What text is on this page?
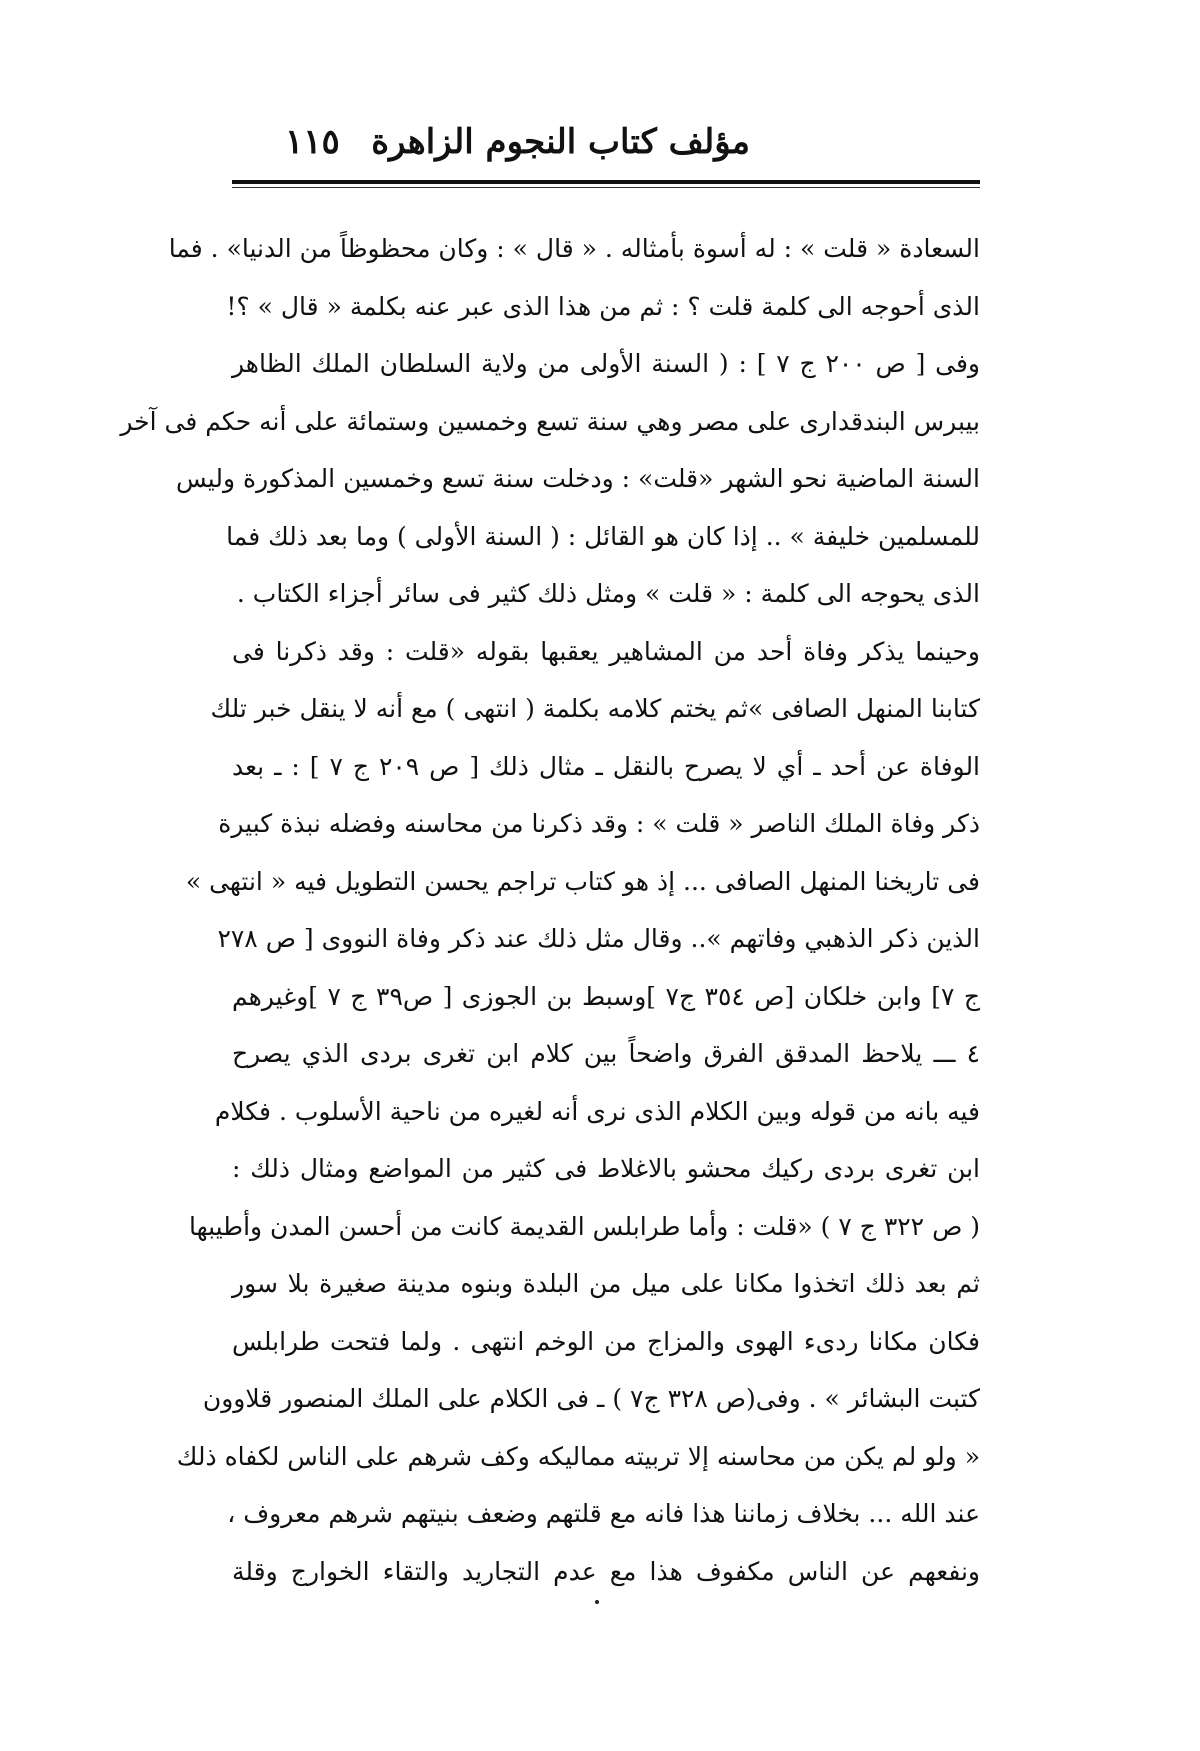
مؤلف كتاب النجوم الزاهرة
١١٥
السعادة « قلت » : له أسوة بأمثاله . « قال » : وكان محظوظاً من الدنيا»‌ . فما
الذى أحوجه الى كلمة قلت ؟ : ثم من هذا الذى عبر عنه بكلمة « قال » ؟!
وفى [ ص ٢٠٠ ج ٧ ] : ( السنة الأولى من ولاية السلطان الملك الظاهر
بيبرس البندقدارى على مصر وهي سنة تسع وخمسين وستمائة على أنه حكم فى آخر
السنة الماضية نحو الشهر «قلت» : ودخلت سنة تسع وخمسين المذكورة وليس
للمسلمين خليفة » .. إذا كان هو القائل : ( السنة الأولى ) وما بعد ذلك فما
الذى يحوجه الى كلمة : « قلت » ومثل ذلك كثير فى سائر أجزاء الكتاب .
وحينما يذكر وفاة أحد من المشاهير يعقبها بقوله «قلت : وقد ذكرنا فى
كتابنا المنهل الصافى »ثم يختم كلامه بكلمة ( انتهى ) مع أنه لا ينقل خبر تلك
الوفاة عن أحد ـ أي لا يصرح بالنقل ـ مثال ذلك [ ص ٢٠٩ ج ٧ ] : ـ بعد
ذكر وفاة الملك الناصر « قلت » : وقد ذكرنا من محاسنه وفضله نبذة كبيرة
فى تاريخنا المنهل الصافى ... إذ هو كتاب تراجم يحسن التطويل فيه « انتهى »
الذين ذكر الذهبي وفاتهم ».. وقال مثل ذلك عند ذكر وفاة النووى [ ص ٢٧٨
ج ٧] وابن خلكان [ص ٣٥٤ ج٧ ]وسبط بن الجوزى [ ص٣٩ ج ٧ ]وغيرهم
٤ ـــ يلاحظ المدقق الفرق واضحاً بين كلام ابن تغرى بردى الذي يصرح
فيه بانه من قوله وبين الكلام الذى نرى أنه لغيره من ناحية الأسلوب . فكلام
ابن تغرى بردى ركيك محشو بالاغلاط فى كثير من المواضع ومثال ذلك :
( ص ٣٢٢ ج ٧ ) «قلت : وأما طرابلس القديمة كانت من أحسن المدن وأطيبها
ثم بعد ذلك اتخذوا مكانا على ميل من البلدة وبنوه مدينة صغيرة بلا سور
فكان مكانا ردىء الهوى والمزاج من الوخم انتهى . ولما فتحت طرابلس
كتبت البشائر » . وفى(ص ٣٢٨ ج٧ ) ـ فى الكلام على الملك المنصور قلاوون
« ولو لم يكن من محاسنه إلا تربيته مماليكه وكف شرهم على الناس لكفاه ذلك
عند الله ... بخلاف زماننا هذا فانه مع قلتهم وضعف بنيتهم شرهم معروف ،
ونفعهم عن الناس مكفوف هذا مع عدم التجاريد والتقاء الخوارج وقلة
